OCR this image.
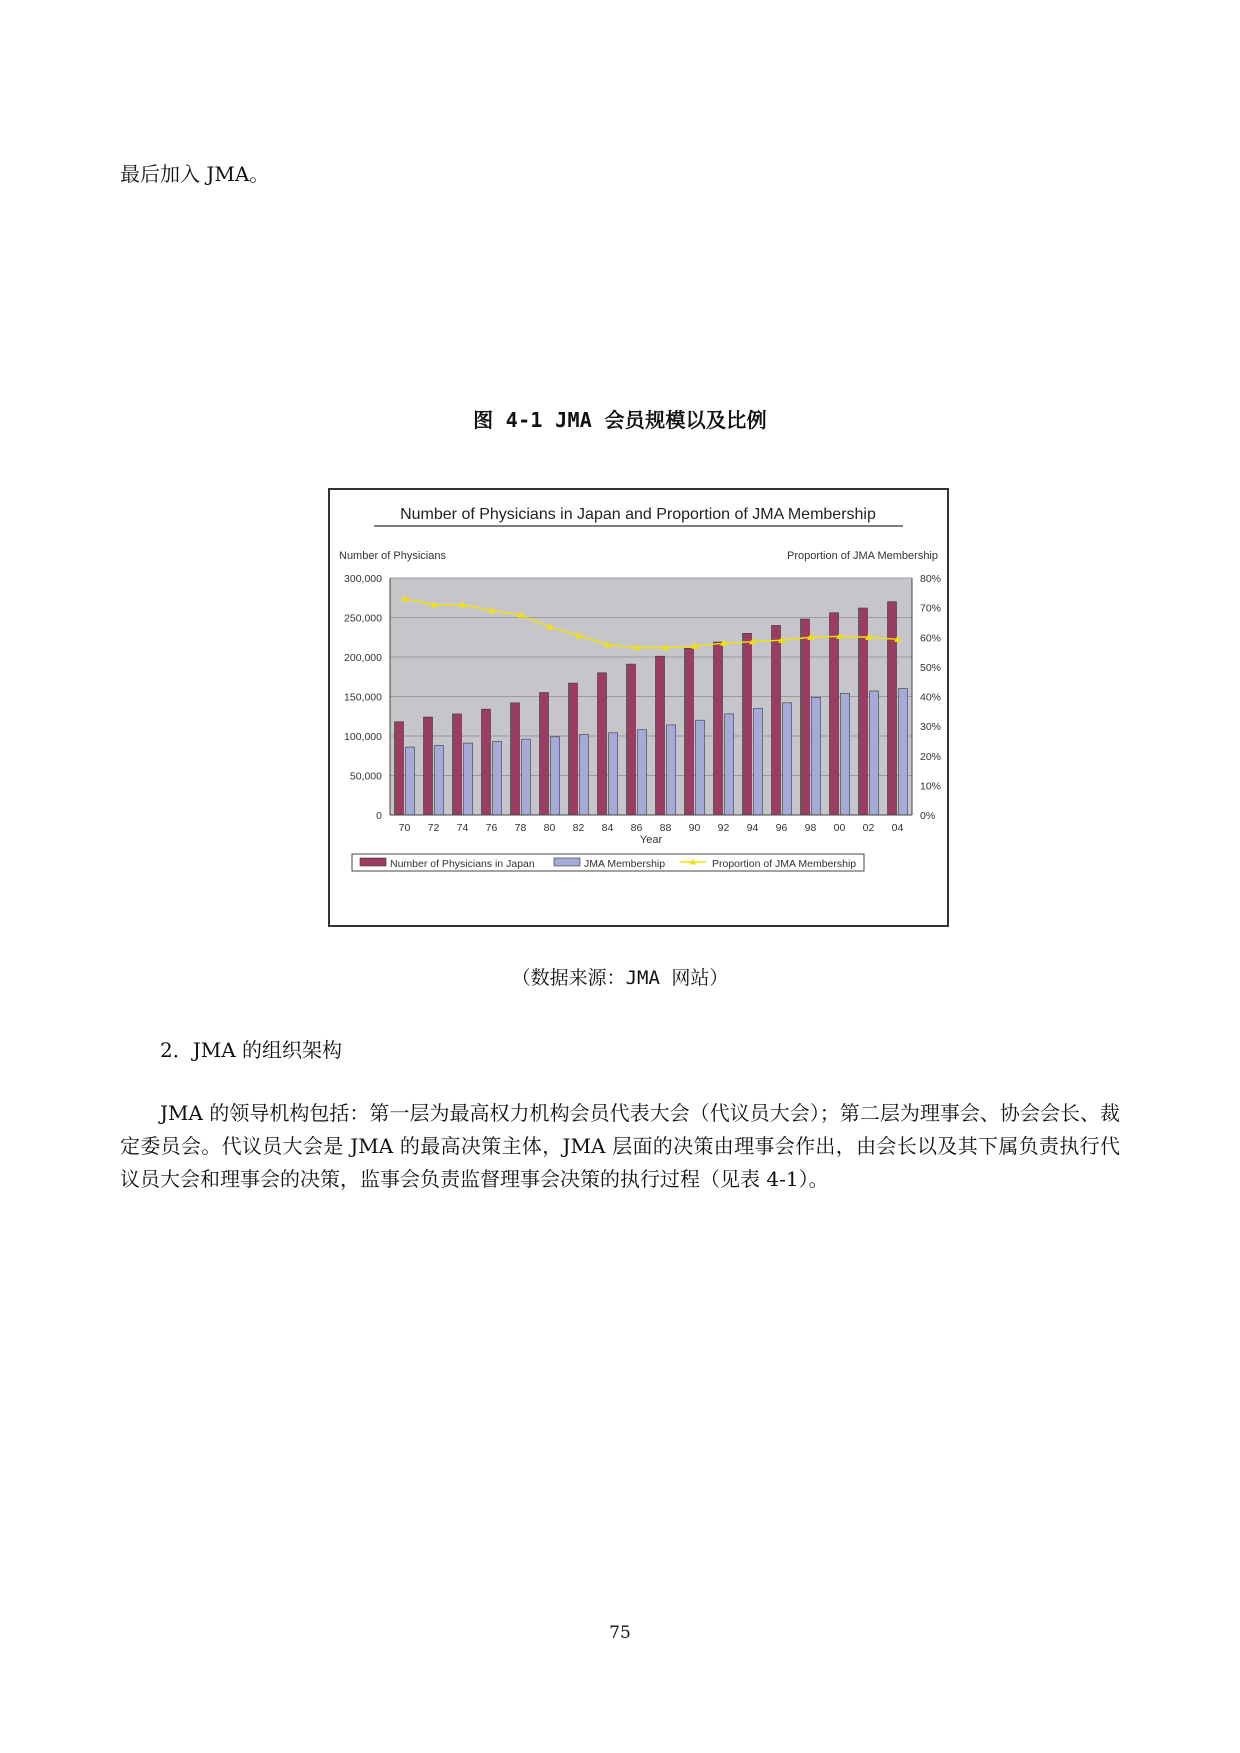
最后加入 JMA。

图 4-1 JMA 会员规模以及比例

Number of Physicians in Japan and Proportion of JMA Membership
Number of Physicians	Proportion of JMA Membership
0
50,000
100,000
150,000
200,000
250,000
300,000
0%
10%
20%
30%
40%
50%
60%
70%
80%
70 72 74 76 78 80 82 84 86 88 90 92 94 96 98 00 02 04
Year
Number of Physicians in Japan	JMA Membership	Proportion of JMA Membership

（数据来源：JMA 网站）

2．JMA 的组织架构

JMA 的领导机构包括：第一层为最高权力机构会员代表大会（代议员大会）；第二层为理事会、协会会长、裁定委员会。代议员大会是 JMA 的最高决策主体，JMA 层面的决策由理事会作出，由会长以及其下属负责执行代议员大会和理事会的决策，监事会负责监督理事会决策的执行过程（见表 4-1）。

75
